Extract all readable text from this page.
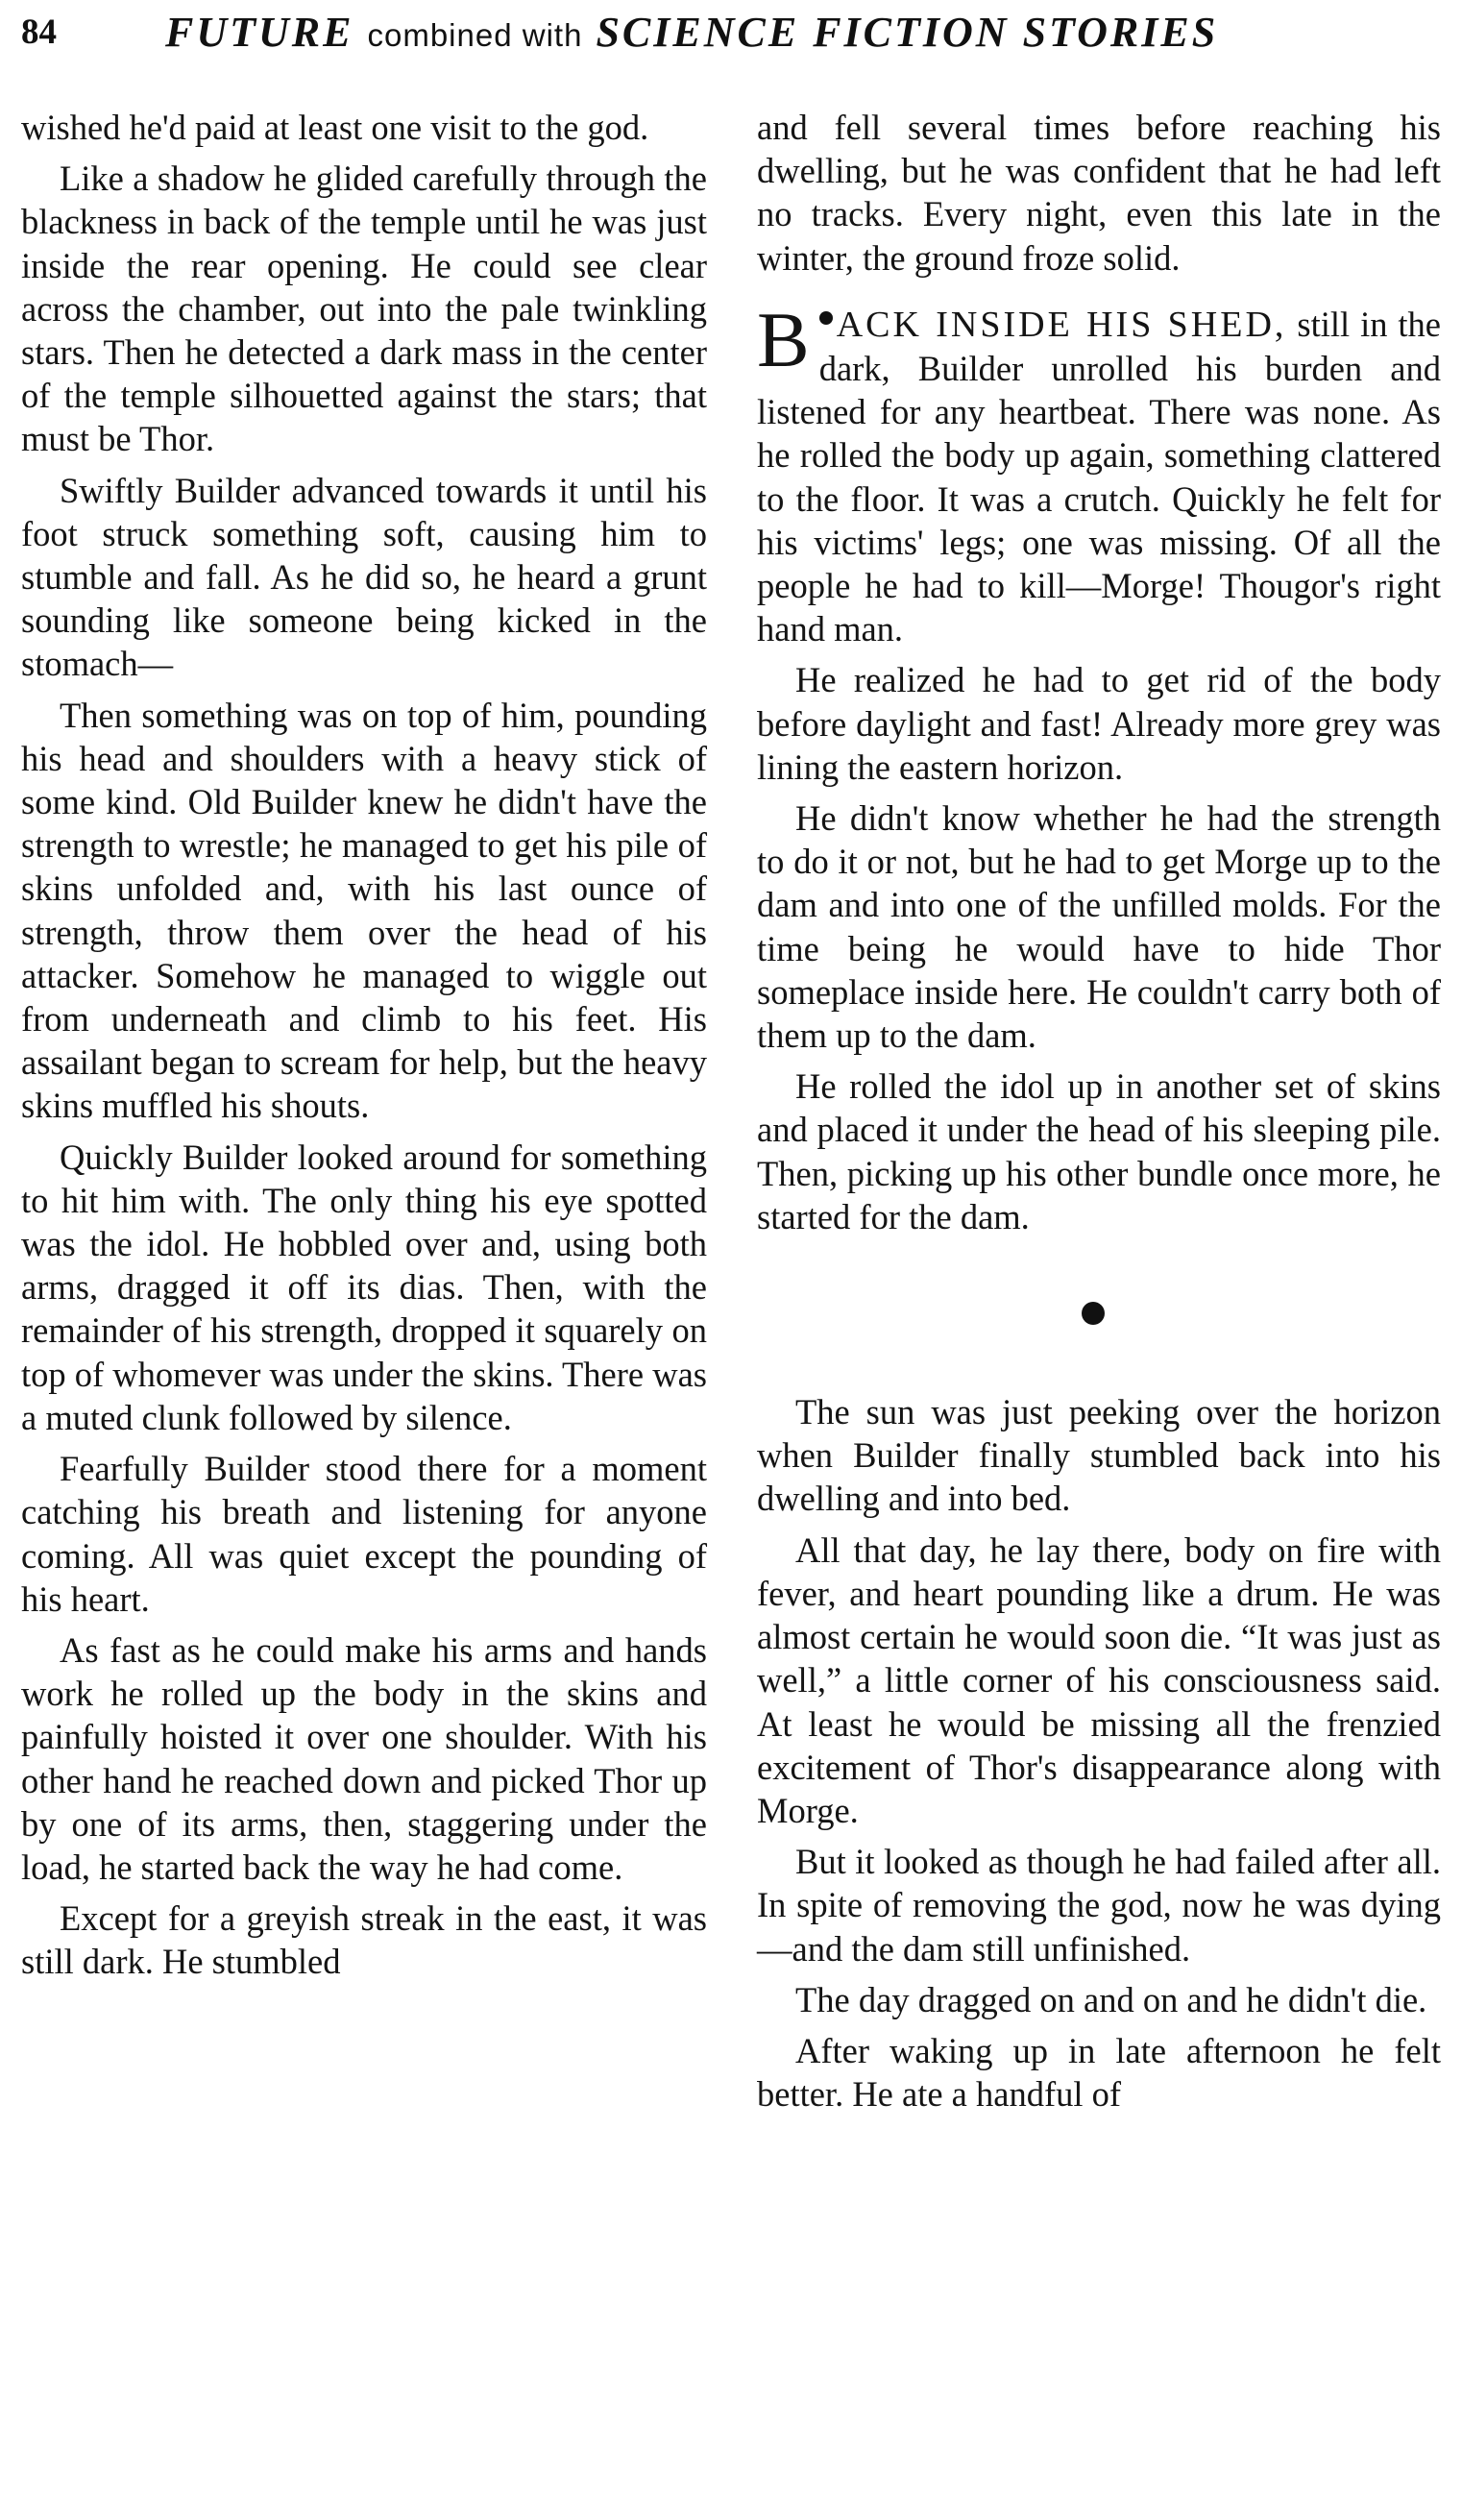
84	FUTURE combined with SCIENCE FICTION STORIES

wished he'd paid at least one visit to the god.

Like a shadow he glided carefully through the blackness in back of the temple until he was just inside the rear opening. He could see clear across the chamber, out into the pale twinkling stars. Then he detected a dark mass in the center of the temple silhouetted against the stars; that must be Thor.

Swiftly Builder advanced towards it until his foot struck something soft, causing him to stumble and fall. As he did so, he heard a grunt sounding like someone being kicked in the stomach—

Then something was on top of him, pounding his head and shoulders with a heavy stick of some kind. Old Builder knew he didn't have the strength to wrestle; he managed to get his pile of skins unfolded and, with his last ounce of strength, throw them over the head of his attacker. Somehow he managed to wiggle out from underneath and climb to his feet. His assailant began to scream for help, but the heavy skins muffled his shouts.

Quickly Builder looked around for something to hit him with. The only thing his eye spotted was the idol. He hobbled over and, using both arms, dragged it off its dias. Then, with the remainder of his strength, dropped it squarely on top of whomever was under the skins. There was a muted clunk followed by silence.

Fearfully Builder stood there for a moment catching his breath and listening for anyone coming. All was quiet except the pounding of his heart.

As fast as he could make his arms and hands work he rolled up the body in the skins and painfully hoisted it over one shoulder. With his other hand he reached down and picked Thor up by one of its arms, then, staggering under the load, he started back the way he had come.

Except for a greyish streak in the east, it was still dark. He stumbled

and fell several times before reaching his dwelling, but he was confident that he had left no tracks. Every night, even this late in the winter, the ground froze solid.

BACK INSIDE HIS SHED, still in the dark, Builder unrolled his burden and listened for any heartbeat. There was none. As he rolled the body up again, something clattered to the floor. It was a crutch. Quickly he felt for his victims' legs; one was missing. Of all the people he had to kill—Morge! Thougor's right hand man.

He realized he had to get rid of the body before daylight and fast! Already more grey was lining the eastern horizon.

He didn't know whether he had the strength to do it or not, but he had to get Morge up to the dam and into one of the unfilled molds. For the time being he would have to hide Thor someplace inside here. He couldn't carry both of them up to the dam.

He rolled the idol up in another set of skins and placed it under the head of his sleeping pile. Then, picking up his other bundle once more, he started for the dam.

The sun was just peeking over the horizon when Builder finally stumbled back into his dwelling and into bed.

All that day, he lay there, body on fire with fever, and heart pounding like a drum. He was almost certain he would soon die. “It was just as well,” a little corner of his consciousness said. At least he would be missing all the frenzied excitement of Thor's disappearance along with Morge.

But it looked as though he had failed after all. In spite of removing the god, now he was dying—and the dam still unfinished.

The day dragged on and on and he didn't die.

After waking up in late afternoon he felt better. He ate a handful of
